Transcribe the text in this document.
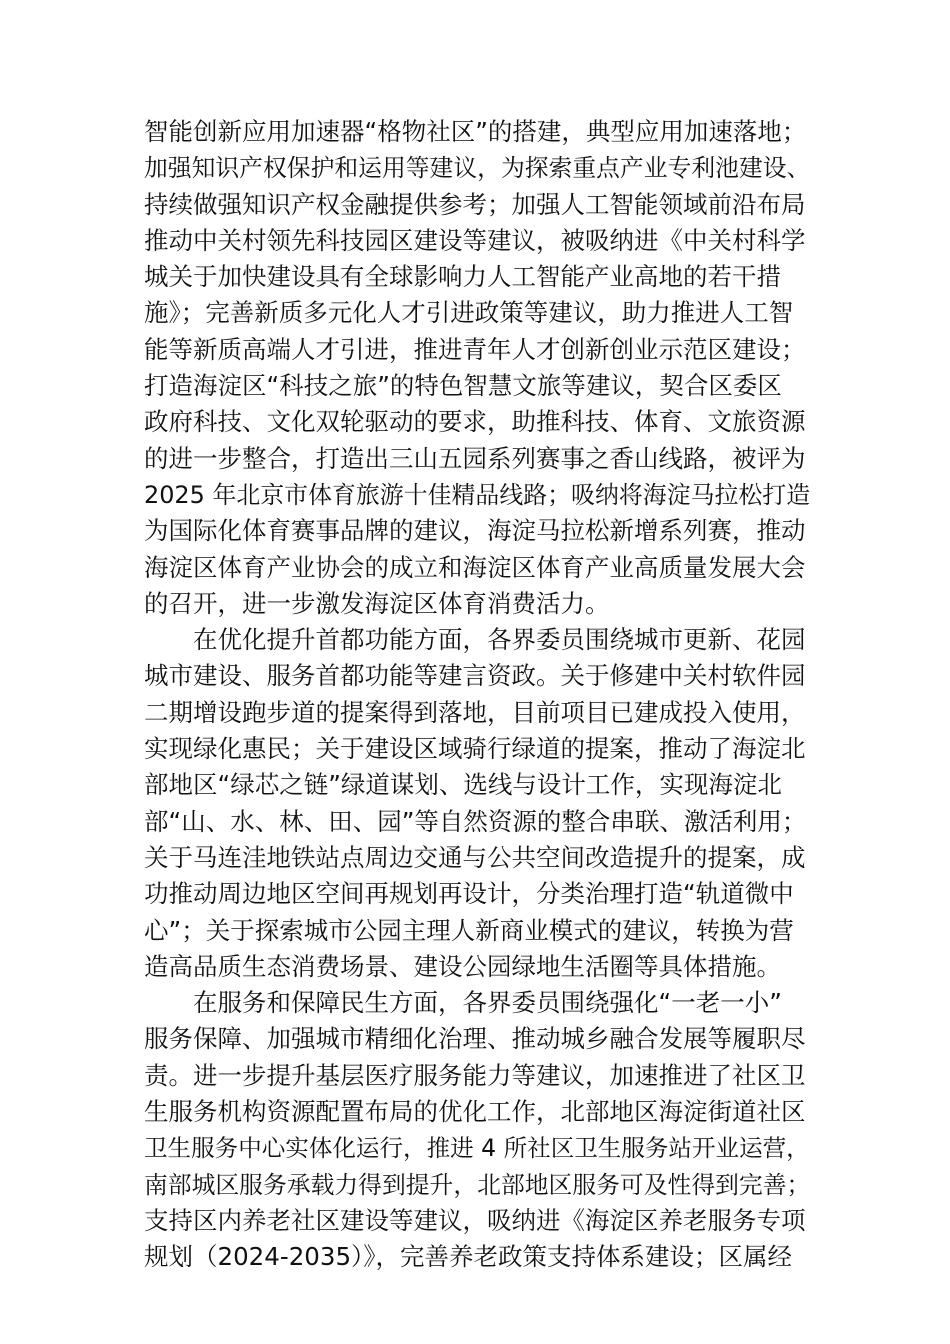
智能创新应用加速器“格物社区”的搭建，典型应用加速落地；
加强知识产权保护和运用等建议，为探索重点产业专利池建设、
持续做强知识产权金融提供参考；加强人工智能领域前沿布局
推动中关村领先科技园区建设等建议，被吸纳进《中关村科学
城关于加快建设具有全球影响力人工智能产业高地的若干措
施》；完善新质多元化人才引进政策等建议，助力推进人工智
能等新质高端人才引进，推进青年人才创新创业示范区建设；
打造海淀区“科技之旅”的特色智慧文旅等建议，契合区委区
政府科技、文化双轮驱动的要求，助推科技、体育、文旅资源
的进一步整合，打造出三山五园系列赛事之香山线路，被评为
2025 年北京市体育旅游十佳精品线路；吸纳将海淀马拉松打造
为国际化体育赛事品牌的建议，海淀马拉松新增系列赛，推动
海淀区体育产业协会的成立和海淀区体育产业高质量发展大会
的召开，进一步激发海淀区体育消费活力。
　　在优化提升首都功能方面，各界委员围绕城市更新、花园
城市建设、服务首都功能等建言资政。关于修建中关村软件园
二期增设跑步道的提案得到落地，目前项目已建成投入使用，
实现绿化惠民；关于建设区域骑行绿道的提案，推动了海淀北
部地区“绿芯之链”绿道谋划、选线与设计工作，实现海淀北
部“山、水、林、田、园”等自然资源的整合串联、激活利用；
关于马连洼地铁站点周边交通与公共空间改造提升的提案，成
功推动周边地区空间再规划再设计，分类治理打造“轨道微中
心”；关于探索城市公园主理人新商业模式的建议，转换为营
造高品质生态消费场景、建设公园绿地生活圈等具体措施。
　　在服务和保障民生方面，各界委员围绕强化“一老一小”
服务保障、加强城市精细化治理、推动城乡融合发展等履职尽
责。进一步提升基层医疗服务能力等建议，加速推进了社区卫
生服务机构资源配置布局的优化工作，北部地区海淀街道社区
卫生服务中心实体化运行，推进 4 所社区卫生服务站开业运营，
南部城区服务承载力得到提升，北部地区服务可及性得到完善；
支持区内养老社区建设等建议，吸纳进《海淀区养老服务专项
规划（2024-2035）》，完善养老政策支持体系建设；区属经
